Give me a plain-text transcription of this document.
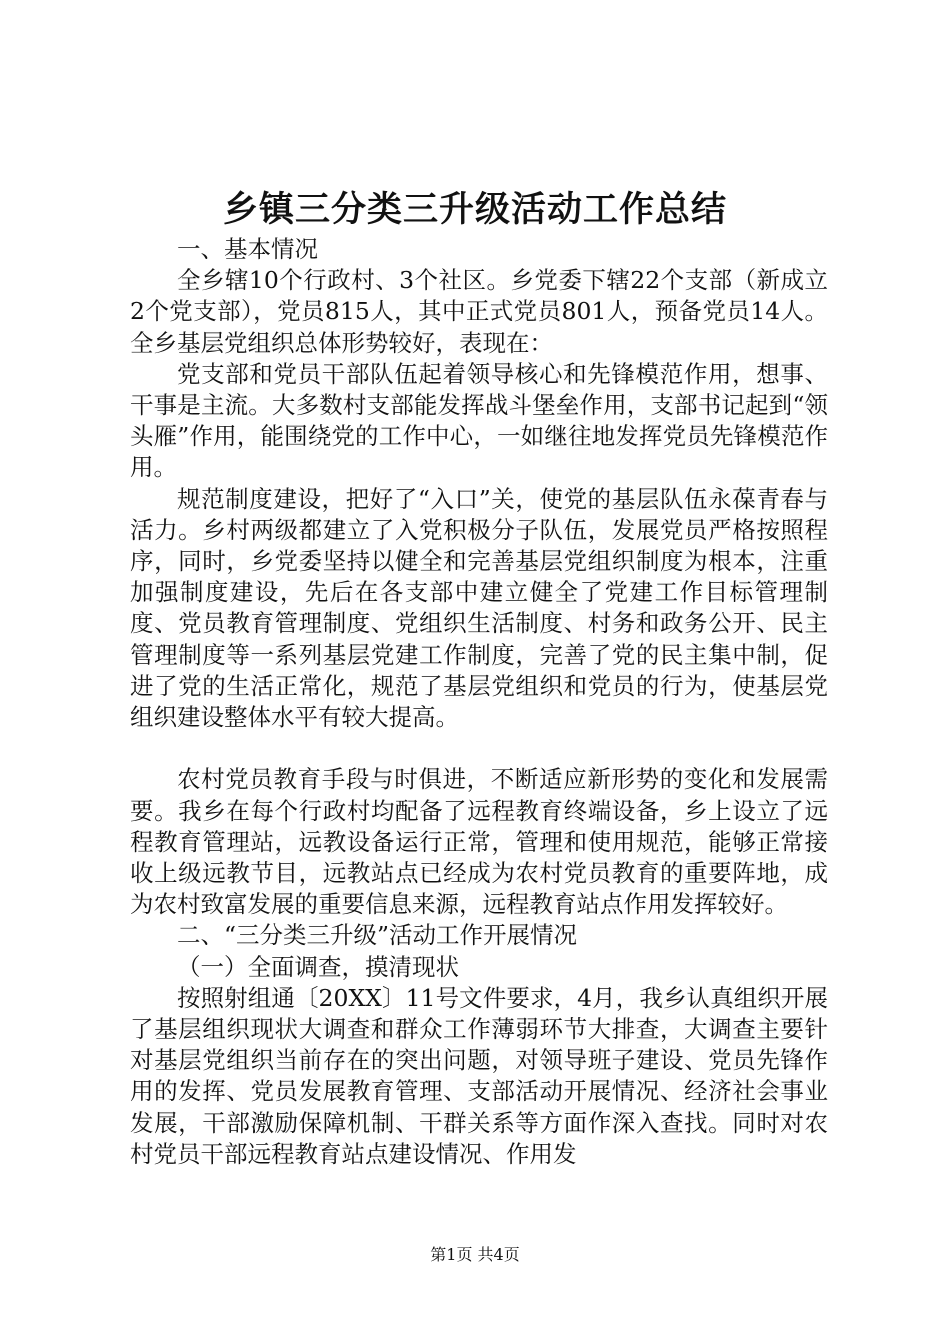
乡镇三分类三升级活动工作总结

一、基本情况

全乡辖10个行政村、3个社区。乡党委下辖22个支部（新成立2个党支部），党员815人，其中正式党员801人，预备党员14人。全乡基层党组织总体形势较好，表现在：

党支部和党员干部队伍起着领导核心和先锋模范作用，想事、干事是主流。大多数村支部能发挥战斗堡垒作用，支部书记起到“领头雁”作用，能围绕党的工作中心，一如继往地发挥党员先锋模范作用。

规范制度建设，把好了“入口”关，使党的基层队伍永葆青春与活力。乡村两级都建立了入党积极分子队伍，发展党员严格按照程序，同时，乡党委坚持以健全和完善基层党组织制度为根本，注重加强制度建设，先后在各支部中建立健全了党建工作目标管理制度、党员教育管理制度、党组织生活制度、村务和政务公开、民主管理制度等一系列基层党建工作制度，完善了党的民主集中制，促进了党的生活正常化，规范了基层党组织和党员的行为，使基层党组织建设整体水平有较大提高。

农村党员教育手段与时俱进，不断适应新形势的变化和发展需要。我乡在每个行政村均配备了远程教育终端设备，乡上设立了远程教育管理站，远教设备运行正常，管理和使用规范，能够正常接收上级远教节目，远教站点已经成为农村党员教育的重要阵地，成为农村致富发展的重要信息来源，远程教育站点作用发挥较好。

二、“三分类三升级”活动工作开展情况

（一）全面调查，摸清现状

按照射组通〔20XX〕11号文件要求，4月，我乡认真组织开展了基层组织现状大调查和群众工作薄弱环节大排查，大调查主要针对基层党组织当前存在的突出问题，对领导班子建设、党员先锋作用的发挥、党员发展教育管理、支部活动开展情况、经济社会事业发展，干部激励保障机制、干群关系等方面作深入查找。同时对农村党员干部远程教育站点建设情况、作用发

第1页 共4页
